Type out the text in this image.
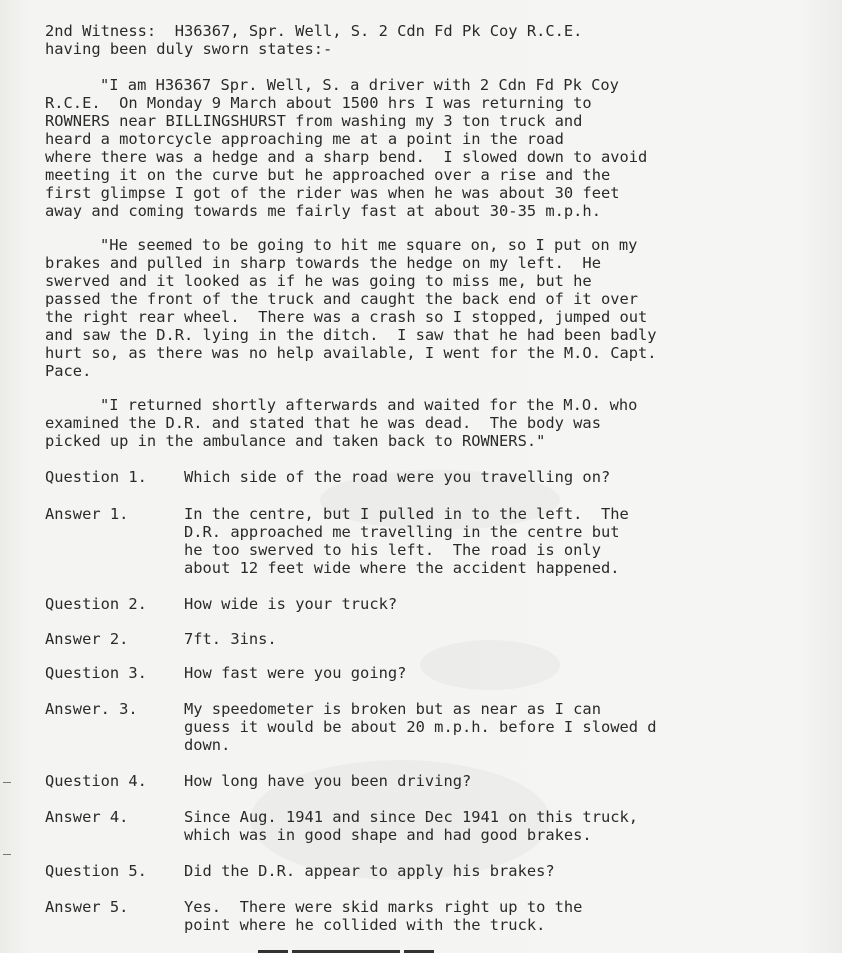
2nd Witness:  H36367, Spr. Well, S. 2 Cdn Fd Pk Coy R.C.E.
having been duly sworn states:-
"I am H36367 Spr. Well, S. a driver with 2 Cdn Fd Pk Coy
R.C.E.  On Monday 9 March about 1500 hrs I was returning to
ROWNERS near BILLINGSHURST from washing my 3 ton truck and
heard a motorcycle approaching me at a point in the road
where there was a hedge and a sharp bend.  I slowed down to avoid
meeting it on the curve but he approached over a rise and the
first glimpse I got of the rider was when he was about 30 feet
away and coming towards me fairly fast at about 30-35 m.p.h.
"He seemed to be going to hit me square on, so I put on my
brakes and pulled in sharp towards the hedge on my left.  He
swerved and it looked as if he was going to miss me, but he
passed the front of the truck and caught the back end of it over
the right rear wheel.  There was a crash so I stopped, jumped out
and saw the D.R. lying in the ditch.  I saw that he had been badly
hurt so, as there was no help available, I went for the M.O. Capt.
Pace.
"I returned shortly afterwards and waited for the M.O. who
examined the D.R. and stated that he was dead.  The body was
picked up in the ambulance and taken back to ROWNERS."
Question 1. Which side of the road were you travelling on?
Answer 1.	In the centre, but I pulled in to the left.  The
D.R. approached me travelling in the centre but
he too swerved to his left.  The road is only
about 12 feet wide where the accident happened.
Question 2. How wide is your truck?
Answer 2.	7ft. 3ins.
Question 3. How fast were you going?
Answer. 3.	My speedometer is broken but as near as I can
guess it would be about 20 m.p.h. before I slowed d
down.
Question 4. How long have you been driving?
Answer 4.	Since Aug. 1941 and since Dec 1941 on this truck,
which was in good shape and had good brakes.
Question 5. Did the D.R. appear to apply his brakes?
Answer 5.	Yes.  There were skid marks right up to the
point where he collided with the truck.
